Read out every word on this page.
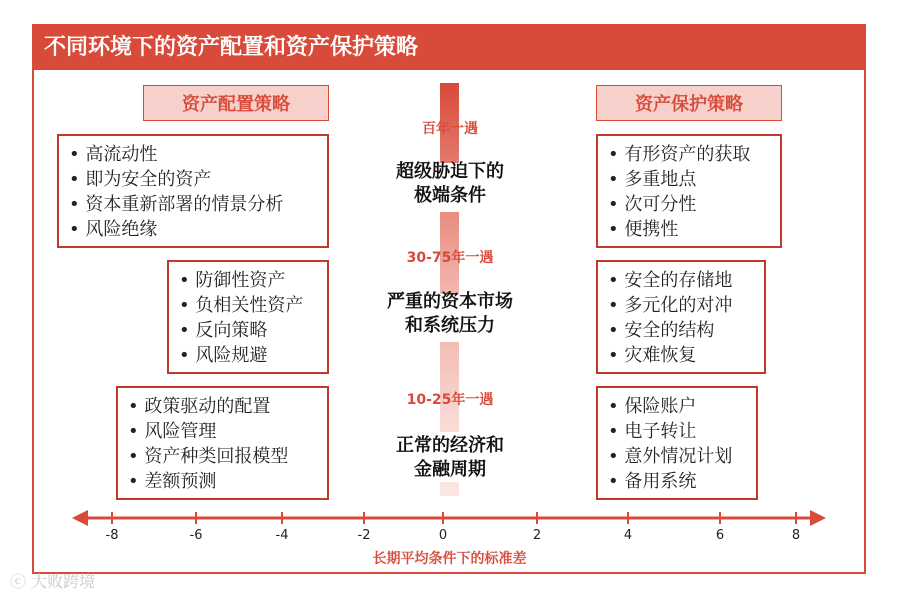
不同环境下的资产配置和资产保护策略
资产配置策略	资产保护策略
• 高流动性
• 即为安全的资产
• 资本重新部署的情景分析
• 风险绝缘
• 防御性资产
• 负相关性资产
• 反向策略
• 风险规避
• 政策驱动的配置
• 风险管理
• 资产种类回报模型
• 差额预测
• 有形资产的获取
• 多重地点
• 次可分性
• 便携性
• 安全的存储地
• 多元化的对冲
• 安全的结构
• 灾难恢复
• 保险账户
• 电子转让
• 意外情况计划
• 备用系统
百年一遇
超级胁迫下的
极端条件
30-75年一遇
严重的资本市场
和系统压力
10-25年一遇
正常的经济和
金融周期
-8	-6	-4	-2	0	2	4	6	8
长期平均条件下的标准差
ⓒ 大败跨境
